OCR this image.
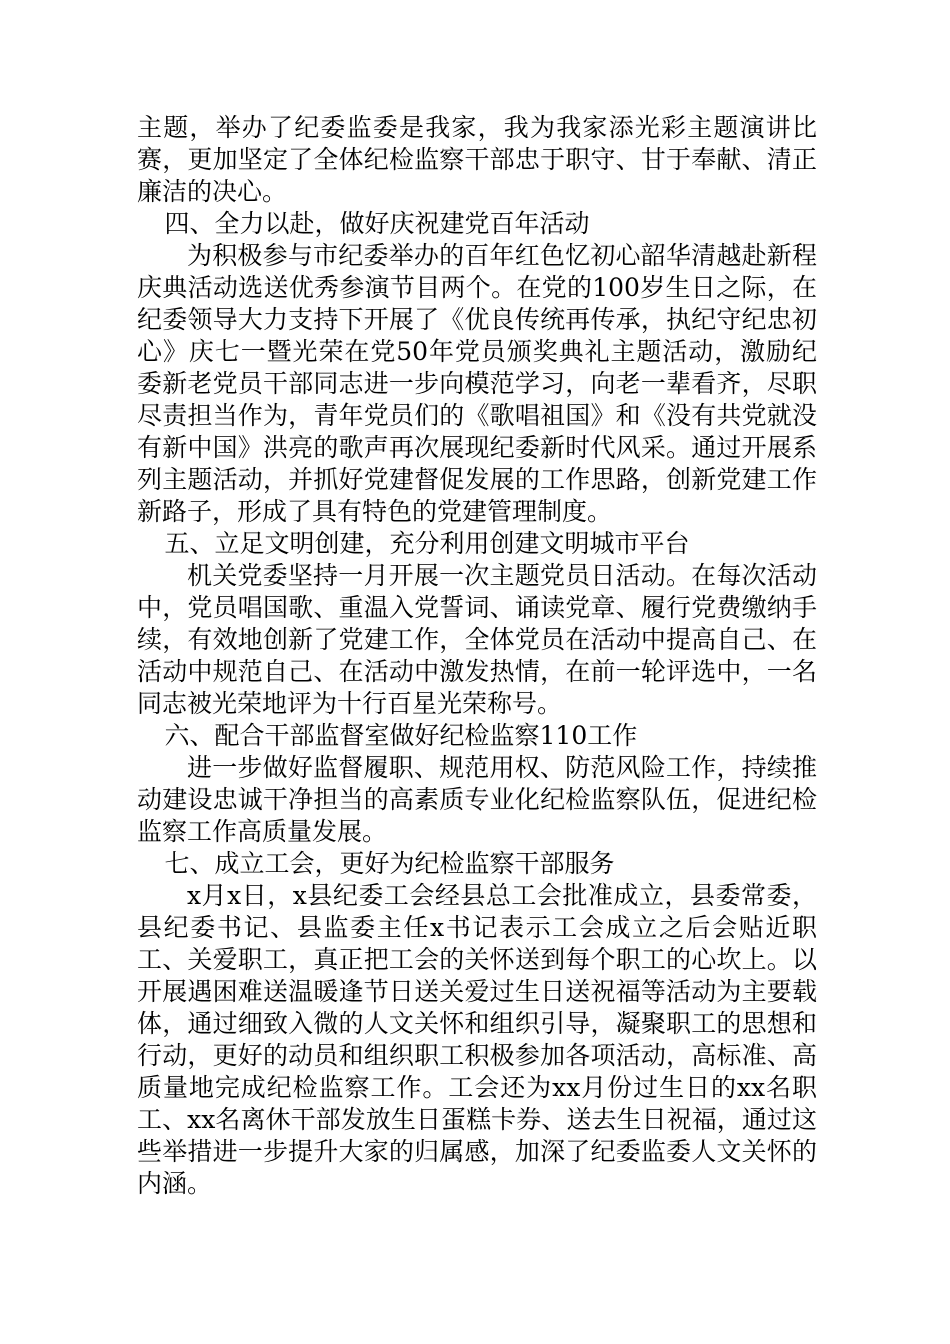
主题，举办了纪委监委是我家，我为我家添光彩主题演讲比赛，更加坚定了全体纪检监察干部忠于职守、甘于奉献、清正廉洁的决心。

四、全力以赴，做好庆祝建党百年活动

为积极参与市纪委举办的百年红色忆初心韶华清越赴新程庆典活动选送优秀参演节目两个。在党的100岁生日之际，在纪委领导大力支持下开展了《优良传统再传承，执纪守纪忠初心》庆七一暨光荣在党50年党员颁奖典礼主题活动，激励纪委新老党员干部同志进一步向模范学习，向老一辈看齐，尽职尽责担当作为，青年党员们的《歌唱祖国》和《没有共党就没有新中国》洪亮的歌声再次展现纪委新时代风采。通过开展系列主题活动，并抓好党建督促发展的工作思路，创新党建工作新路子，形成了具有特色的党建管理制度。

五、立足文明创建，充分利用创建文明城市平台

机关党委坚持一月开展一次主题党员日活动。在每次活动中，党员唱国歌、重温入党誓词、诵读党章、履行党费缴纳手续，有效地创新了党建工作，全体党员在活动中提高自己、在活动中规范自己、在活动中激发热情，在前一轮评选中，一名同志被光荣地评为十行百星光荣称号。

六、配合干部监督室做好纪检监察110工作

进一步做好监督履职、规范用权、防范风险工作，持续推动建设忠诚干净担当的高素质专业化纪检监察队伍，促进纪检监察工作高质量发展。

七、成立工会，更好为纪检监察干部服务

x月x日，x县纪委工会经县总工会批准成立，县委常委，县纪委书记、县监委主任x书记表示工会成立之后会贴近职工、关爱职工，真正把工会的关怀送到每个职工的心坎上。以开展遇困难送温暖逢节日送关爱过生日送祝福等活动为主要载体，通过细致入微的人文关怀和组织引导，凝聚职工的思想和行动，更好的动员和组织职工积极参加各项活动，高标准、高质量地完成纪检监察工作。工会还为xx月份过生日的xx名职工、xx名离休干部发放生日蛋糕卡券、送去生日祝福，通过这些举措进一步提升大家的归属感，加深了纪委监委人文关怀的内涵。
